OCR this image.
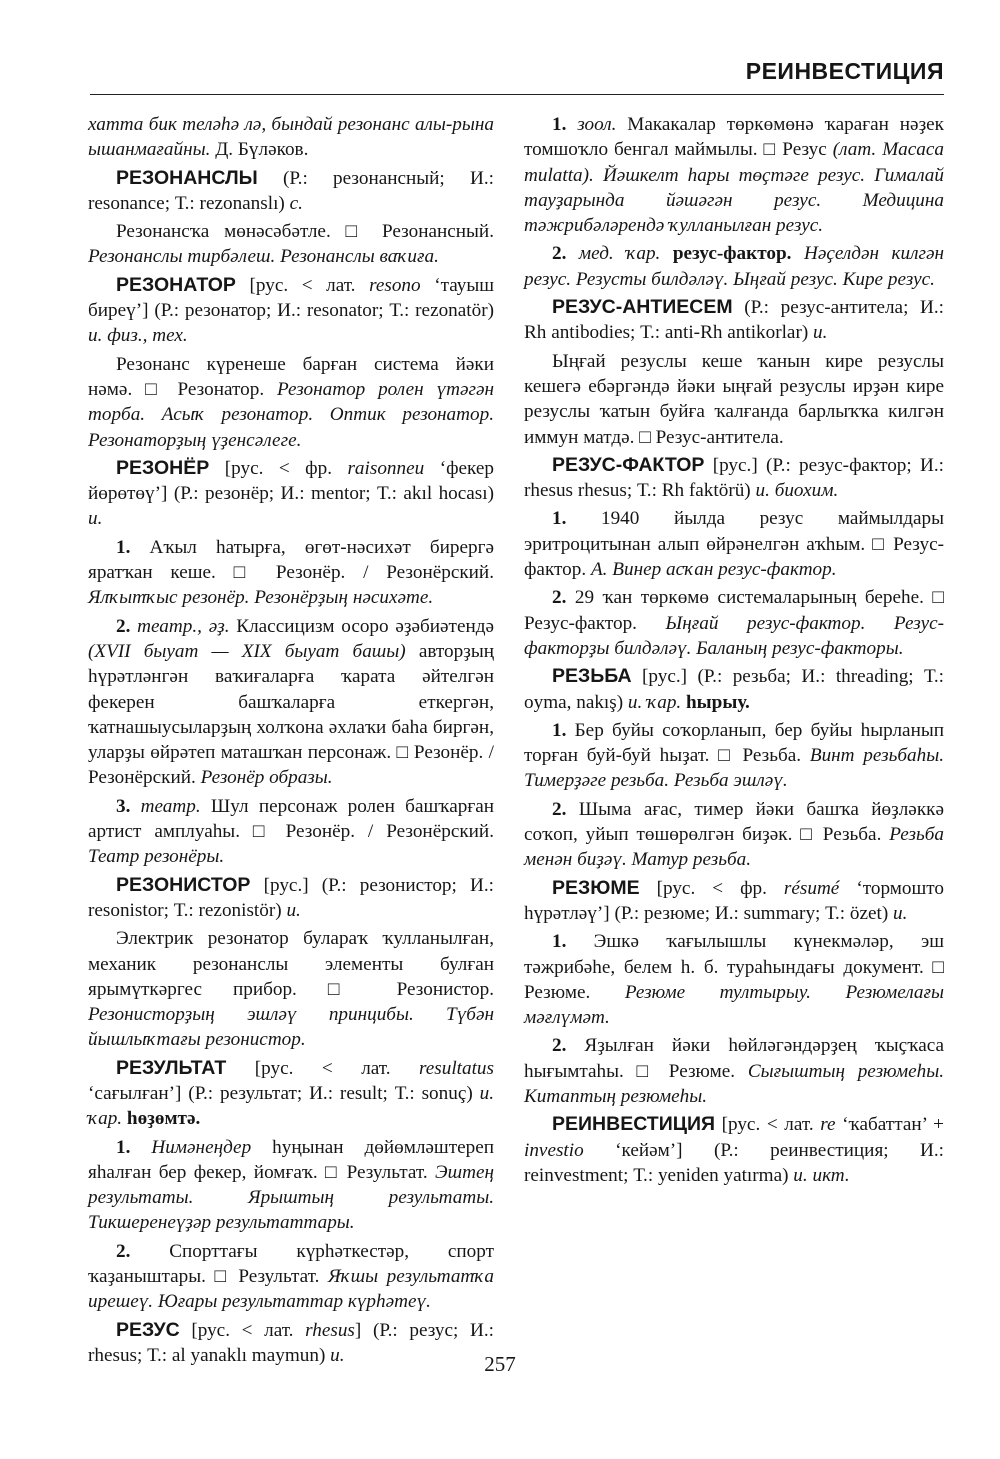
РЕИНВЕСТИЦИЯ

хатта бик теләһә лә, бындай резонанс алы-рына ышанмағайны. Д. Бүләков.

РЕЗОНАНСЛЫ (Р.: резонансный; И.: resonance; Т.: rezonanslı) с.

Резонансҡа мөнәсәбәтле. □ Резонансный. Резонанслы тирбәлеш. Резонанслы ваҡиға.

РЕЗОНАТОР [рус. < лат. resono ‘тауыш биреү’] (Р.: резонатор; И.: resonator; Т.: rezonatör) и. физ., тех.

Резонанс күренеше барған система йәки нәмә. □ Резонатор. Резонатор ролен үтәгән торба. Асыҡ резонатор. Оптик резонатор. Резонаторҙың үҙенсәлеге.

РЕЗОНЁР [рус. < фр. raisonneu ‘фекер йөрөтөү’] (Р.: резонёр; И.: mentor; Т.: akıl hocası) и.

1. Аҡыл һатырға, өгөт-нәсихәт бирергә яратҡан кеше. □ Резонёр. / Резонёрский. Ялҡытҡыс резонёр. Резонёрҙың нәсихәте.

2. театр., әҙ. Классицизм осоро әҙәбиәтендә (XVII быуат — XIX быуат башы) авторҙың һүрәтләнгән ваҡиғаларға ҡарата әйтелгән фекерен башҡаларға еткергән, ҡатнашыусыларҙың холҡона әхлаҡи баһа биргән, уларҙы өйрәтеп маташҡан персонаж. □ Резонёр. / Резонёрский. Резонёр образы.

3. театр. Шул персонаж ролен башҡарған артист амплуаһы. □ Резонёр. / Резонёрский. Театр резонёры.

РЕЗОНИСТОР [рус.] (Р.: резонистор; И.: resonistor; Т.: rezonistör) и.

Электрик резонатор булараҡ ҡулланылған, механик резонанслы элементы булған ярымүткәргес прибор. □ Резонистор. Резонисторҙың эшләү принцибы. Түбән йышлыҡтағы резонистор.

РЕЗУЛЬТАТ [рус. < лат. resultatus ‘сағылған’] (Р.: результат; И.: result; Т.: sonuç) и. ҡар. һөҙөмтә.

1. Нимәнеңдер һуңынан дөйөмләштереп яһалған бер фекер, йомғаҡ. □ Результат. Эштең результаты. Ярыштың результаты. Тикшеренеүҙәр результаттары.

2. Спорттағы күрһәткестәр, спорт ҡаҙаныштары. □ Результат. Яҡшы результатҡа ирешеү. Юғары результаттар күрһәтеү.

РЕЗУС [рус. < лат. rhesus] (Р.: резус; И.: rhesus; Т.: al yanaklı maymun) и.

1. зоол. Макакалар төркөмөнә ҡараған нәҙек томшоҡло бенгал маймылы. □ Резус (лат. Macaca mulatta). Йәшкелт һары төҫтәге резус. Гималай тауҙарында йәшәгән резус. Медицина тәжрибәләрендә ҡулланылған резус.

2. мед. ҡар. резус-фактор. Нәҫелдән килгән резус. Резусты билдәләү. Ыңғай резус. Кире резус.

РЕЗУС-АНТИЕСЕМ (Р.: резус-антитела; И.: Rh antibodies; Т.: anti-Rh antikorlar) и.

Ыңғай резуслы кеше ҡанын кире резуслы кешегә ебәргәндә йәки ыңғай резуслы ирҙән кире резуслы ҡатын буйға ҡалғанда барлыҡҡа килгән иммун матдә. □ Резус-антитела.

РЕЗУС-ФАКТОР [рус.] (Р.: резус-фактор; И.: rhesus rhesus; Т.: Rh faktörü) и. биохим.

1. 1940 йылда резус маймылдары эритроцитынан алып өйрәнелгән аҡһым. □ Резус-фактор. А. Винер асҡан резус-фактор.

2. 29 ҡан төркөмө системаларының береһе. □ Резус-фактор. Ыңғай резус-фактор. Резус-факторҙы билдәләү. Баланың резус-факторы.

РЕЗЬБА [рус.] (Р.: резьба; И.: threading; Т.: oyma, nakış) и. ҡар. һырыу.

1. Бер буйы соҡорланып, бер буйы һырланып торған буй-буй һыҙат. □ Резьба. Винт резьбаһы. Тимерҙәге резьба. Резьба эшләү.

2. Шыма ағас, тимер йәки башҡа йөҙләккә соҡоп, уйып төшөрөлгән биҙәк. □ Резьба. Резьба менән биҙәү. Матур резьба.

РЕЗЮМЕ [рус. < фр. résumé ‘тормошто һүрәтләү’] (Р.: резюме; И.: summary; Т.: özet) и.

1. Эшкә ҡағылышлы күнекмәләр, эш тәжрибәһе, белем һ. б. тураһындағы документ. □ Резюме. Резюме тултырыу. Резюмелағы мәғлүмәт.

2. Яҙылған йәки һөйләгәндәрҙең ҡыҫҡаса һығымтаһы. □ Резюме. Сығыштың резюмеһы. Китаптың резюмеһы.

РЕИНВЕСТИЦИЯ [рус. < лат. re ‘ҡабаттан’ + investio ‘кейәм’] (Р.: реинвестиция; И.: reinvestment; Т.: yeniden yatırma) и. икт.

257
